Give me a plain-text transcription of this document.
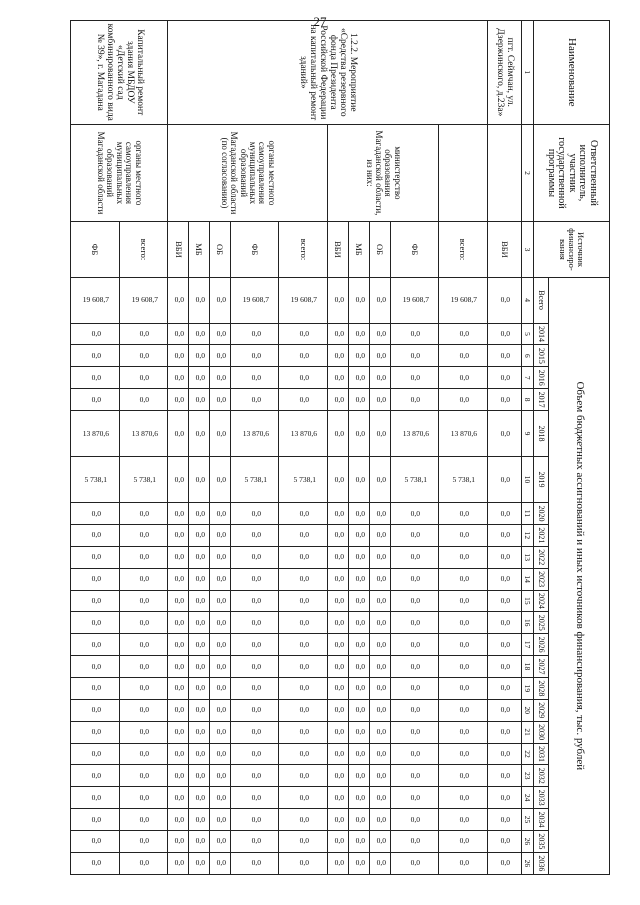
27
Наименование	Ответственный исполнитель, участник государственной программы	Источник финансиро-вания	Объем бюджетных ассигнований и иных источников финансирования, тыс. рублей																							
			Всего	2014	2015	2016	2017	2018	2019	2020	2021	2022	2023	2024	2025	2026	2027	2028	2029	2030	2031	2032	2033	2034	2035	2036
1	2	3	4	5	6	7	8	9	10	11	12	13	14	15	16	17	18	19	20	21	22	23	24	25	26	26
пгт. Сеймчан, ул. Дзержинского, д.23а»		ВБИ	0,0	0,0	0,0	0,0	0,0	0,0	0,0	0,0	0,0	0,0	0,0	0,0	0,0	0,0	0,0	0,0	0,0	0,0	0,0	0,0	0,0	0,0	0,0	0,0
1.2.2. Мероприятие «Средства резервного фонда Президента Российской Федерации на капитальный ремонт зданий»		всего:	19 608,7	0,0	0,0	0,0	0,0	13 870,6	5 738,1	0,0	0,0	0,0	0,0	0,0	0,0	0,0	0,0	0,0	0,0	0,0	0,0	0,0	0,0	0,0	0,0	0,0
	министерство образования Магаданской области, из них:	ФБ	19 608,7	0,0	0,0	0,0	0,0	13 870,6	5 738,1	0,0	0,0	0,0	0,0	0,0	0,0	0,0	0,0	0,0	0,0	0,0	0,0	0,0	0,0	0,0	0,0	0,0
		ОБ	0,0	0,0	0,0	0,0	0,0	0,0	0,0	0,0	0,0	0,0	0,0	0,0	0,0	0,0	0,0	0,0	0,0	0,0	0,0	0,0	0,0	0,0	0,0	0,0
		МБ	0,0	0,0	0,0	0,0	0,0	0,0	0,0	0,0	0,0	0,0	0,0	0,0	0,0	0,0	0,0	0,0	0,0	0,0	0,0	0,0	0,0	0,0	0,0	0,0
		ВБИ	0,0	0,0	0,0	0,0	0,0	0,0	0,0	0,0	0,0	0,0	0,0	0,0	0,0	0,0	0,0	0,0	0,0	0,0	0,0	0,0	0,0	0,0	0,0	0,0
	органы местного самоуправления муниципальных образований Магаданской области (по согласованию)	всего:	19 608,7	0,0	0,0	0,0	0,0	13 870,6	5 738,1	0,0	0,0	0,0	0,0	0,0	0,0	0,0	0,0	0,0	0,0	0,0	0,0	0,0	0,0	0,0	0,0	0,0
		ФБ	19 608,7	0,0	0,0	0,0	0,0	13 870,6	5 738,1	0,0	0,0	0,0	0,0	0,0	0,0	0,0	0,0	0,0	0,0	0,0	0,0	0,0	0,0	0,0	0,0	0,0
		ОБ	0,0	0,0	0,0	0,0	0,0	0,0	0,0	0,0	0,0	0,0	0,0	0,0	0,0	0,0	0,0	0,0	0,0	0,0	0,0	0,0	0,0	0,0	0,0	0,0
		МБ	0,0	0,0	0,0	0,0	0,0	0,0	0,0	0,0	0,0	0,0	0,0	0,0	0,0	0,0	0,0	0,0	0,0	0,0	0,0	0,0	0,0	0,0	0,0	0,0
		ВБИ	0,0	0,0	0,0	0,0	0,0	0,0	0,0	0,0	0,0	0,0	0,0	0,0	0,0	0,0	0,0	0,0	0,0	0,0	0,0	0,0	0,0	0,0	0,0	0,0
Капитальный ремонт здания МБДОУ «Детский сад комбинированного вида № 39», г. Магадана	органы местного самоуправления муниципальных образований Магаданской области	всего:	19 608,7	0,0	0,0	0,0	0,0	13 870,6	5 738,1	0,0	0,0	0,0	0,0	0,0	0,0	0,0	0,0	0,0	0,0	0,0	0,0	0,0	0,0	0,0	0,0	0,0
		ФБ	19 608,7	0,0	0,0	0,0	0,0	13 870,6	5 738,1	0,0	0,0	0,0	0,0	0,0	0,0	0,0	0,0	0,0	0,0	0,0	0,0	0,0	0,0	0,0	0,0	0,0
